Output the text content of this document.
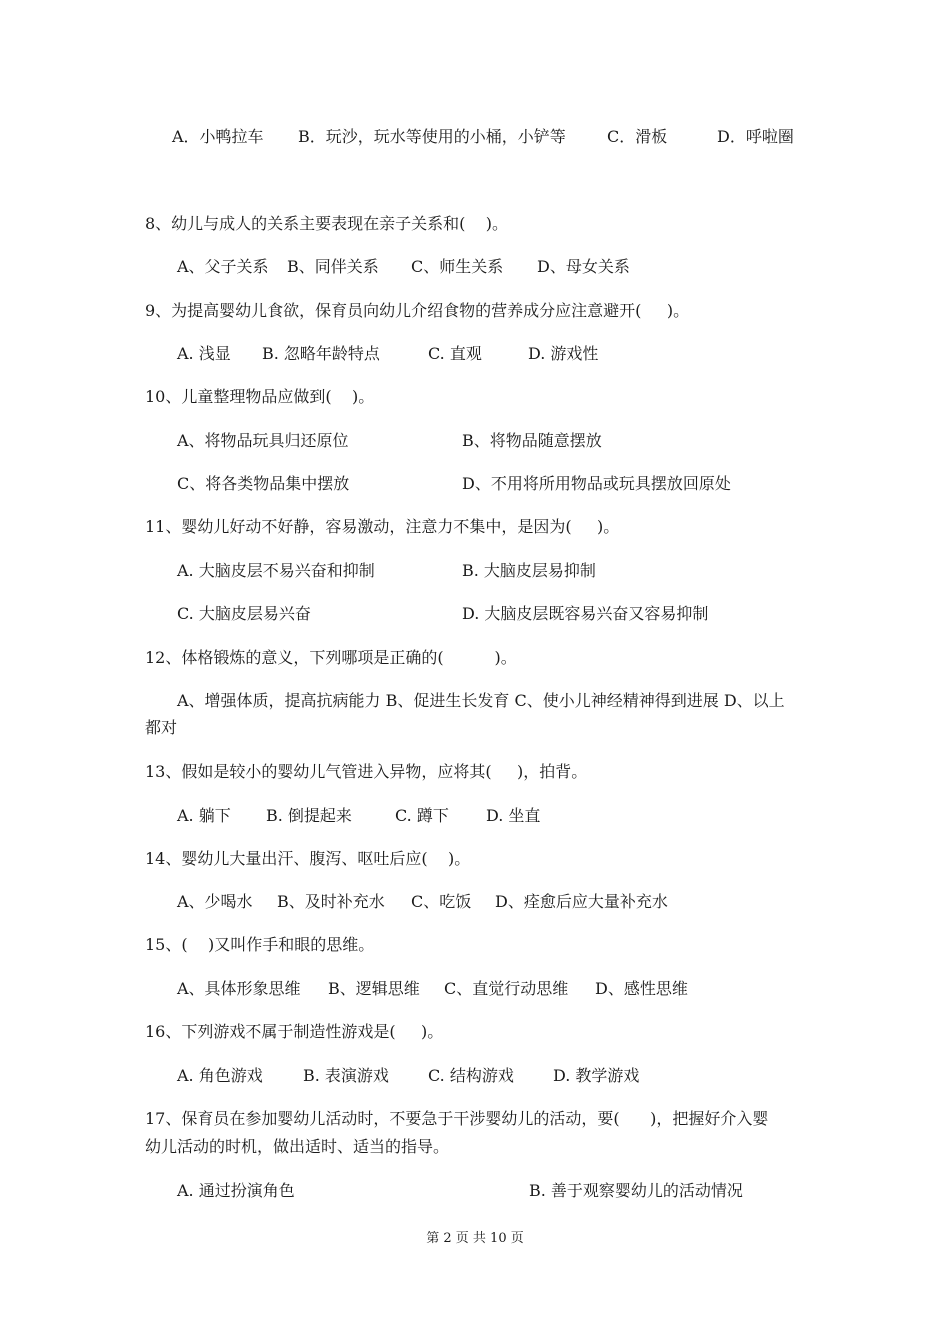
A．小鸭拉车 B．玩沙，玩水等使用的小桶，小铲等	C．滑板	D．呼啦圈
8、幼儿与成人的关系主要表现在亲子关系和(    )。
A、父子关系 B、同伴关系 C、师生关系 D、母女关系
9、为提高婴幼儿食欲，保育员向幼儿介绍食物的营养成分应注意避开(     )。
A. 浅显 B. 忽略年龄特点	C. 直观	D. 游戏性
10、儿童整理物品应做到(    )。
A、将物品玩具归还原位	B、将物品随意摆放
C、将各类物品集中摆放	D、不用将所用物品或玩具摆放回原处
11、婴幼儿好动不好静，容易激动，注意力不集中，是因为(     )。
A. 大脑皮层不易兴奋和抑制	B. 大脑皮层易抑制
C. 大脑皮层易兴奋	D. 大脑皮层既容易兴奋又容易抑制
12、体格锻炼的意义，下列哪项是正确的(          )。
A、增强体质，提高抗病能力 B、促进生长发育 C、使小儿神经精神得到进展 D、以上
都对
13、假如是较小的婴幼儿气管进入异物，应将其(     )，拍背。
A. 躺下 B. 倒提起来	C. 蹲下 D. 坐直
14、婴幼儿大量出汗、腹泻、呕吐后应(    )。
A、少喝水 B、及时补充水 C、吃饭 D、痊愈后应大量补充水
15、(    )又叫作手和眼的思维。
A、具体形象思维 B、逻辑思维 C、直觉行动思维 D、感性思维
16、下列游戏不属于制造性游戏是(     )。
A. 角色游戏	B. 表演游戏 C. 结构游戏 D. 教学游戏
17、保育员在参加婴幼儿活动时，不要急于干涉婴幼儿的活动，要(      )，把握好介入婴
幼儿活动的时机，做出适时、适当的指导。
A. 通过扮演角色	B. 善于观察婴幼儿的活动情况
第 2 页 共 10 页
